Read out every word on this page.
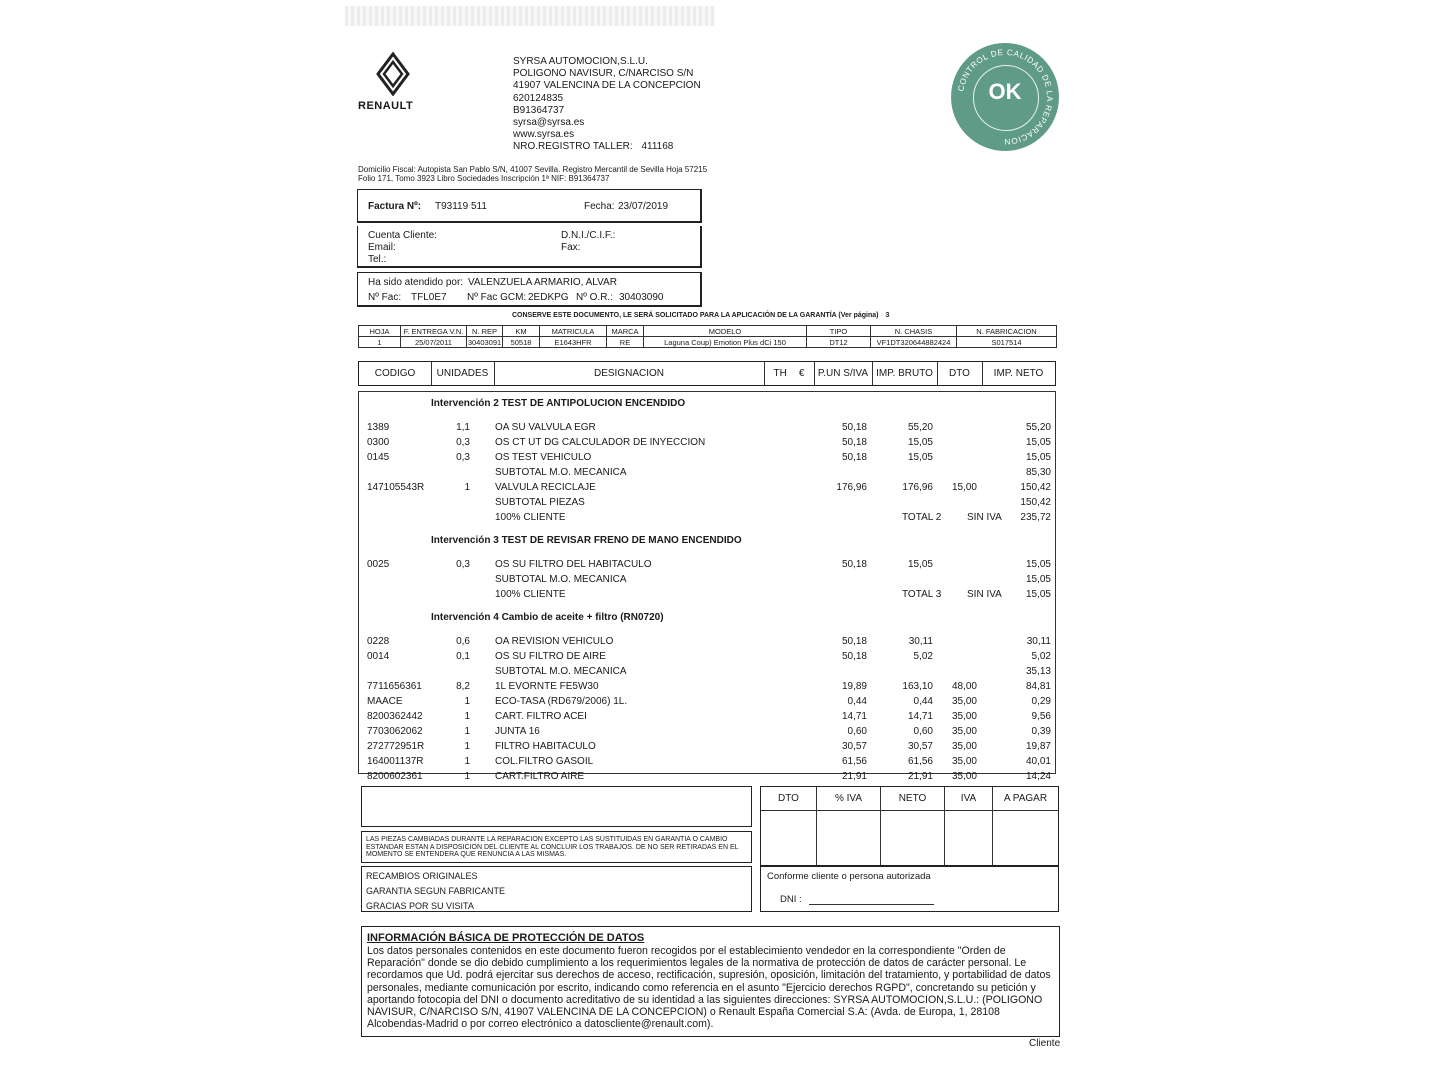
RENAULT
SYRSA AUTOMOCION,S.L.U.
POLIGONO NAVISUR, C/NARCISO S/N
41907 VALENCINA DE LA CONCEPCION
620124835
B91364737
syrsa@syrsa.es
www.syrsa.es
NRO.REGISTRO TALLER: 411168
CONTROL DE CALIDAD DE LA REPARACION
OK
Domicilio Fiscal: Autopista San Pablo S/N, 41007 Sevilla. Registro Mercantil de Sevilla Hoja 57215
Folio 171, Tomo 3923 Libro Sociedades Inscripción 1ª NIF: B91364737
Factura Nº: T93119 511	Fecha: 23/07/2019
Cuenta Cliente:	D.N.I./C.I.F.:
Email:	Fax:
Tel.:
Ha sido atendido por: VALENZUELA ARMARIO, ALVAR
Nº Fac: TFL0E7 Nº Fac GCM: 2EDKPG Nº O.R.: 30403090
CONSERVE ESTE DOCUMENTO, LE SERÁ SOLICITADO PARA LA APLICACIÓN DE LA GARANTÍA (Ver página) 3
HOJA	F. ENTREGA V.N.	N. REP	KM	MATRICULA	MARCA	MODELO	TIPO	N. CHASIS	N. FABRICACION
1	25/07/2011	30403091	50518	E1643HFR	RE	Laguna Coup) Emotion Plus dCi 150	DT12	VF1DT320644882424	S017514
CODIGO	UNIDADES	DESIGNACION	TH €	P.UN S/IVA IMP. BRUTO	DTO	IMP. NETO
Intervención 2 TEST DE ANTIPOLUCION ENCENDIDO
1389	1,1	OA SU VALVULA EGR	50,18	55,20	55,20
0300	0,3	OS CT UT DG CALCULADOR DE INYECCION	50,18	15,05	15,05
0145	0,3	OS TEST VEHICULO	50,18	15,05	15,05
SUBTOTAL M.O. MECANICA	85,30
147105543R	1	VALVULA RECICLAJE	176,96	176,96 15,00	150,42
SUBTOTAL PIEZAS	150,42
100% CLIENTE	TOTAL 2	SIN IVA 235,72
Intervención 3 TEST DE REVISAR FRENO DE MANO ENCENDIDO
0025	0,3	OS SU FILTRO DEL HABITACULO	50,18	15,05	15,05
SUBTOTAL M.O. MECANICA	15,05
100% CLIENTE	TOTAL 3	SIN IVA 15,05
Intervención 4 Cambio de aceite + filtro (RN0720)
0228	0,6	OA REVISION VEHICULO	50,18	30,11	30,11
0014	0,1	OS SU FILTRO DE AIRE	50,18	5,02	5,02
SUBTOTAL M.O. MECANICA	35,13
7711656361	8,2	1L EVORNTE FE5W30	19,89	163,10 48,00	84,81
MAACE	1	ECO-TASA (RD679/2006) 1L.	0,44	0,44 35,00	0,29
8200362442	1	CART. FILTRO ACEI	14,71	14,71 35,00	9,56
7703062062	1	JUNTA 16	0,60	0,60 35,00	0,39
272772951R	1	FILTRO HABITACULO	30,57	30,57 35,00	19,87
164001137R	1	COL.FILTRO GASOIL	61,56	61,56 35,00	40,01
8200602361	1	CART.FILTRO AIRE	21,91	21,91 35,00	14,24
LAS PIEZAS CAMBIADAS DURANTE LA REPARACION EXCEPTO LAS SUSTITUIDAS EN GARANTIA O CAMBIO ESTANDAR ESTAN A DISPOSICION DEL CLIENTE AL CONCLUIR LOS TRABAJOS. DE NO SER RETIRADAS EN EL MOMENTO SE ENTENDERA QUE RENUNCIA A LAS MISMAS.
RECAMBIOS ORIGINALES
GARANTIA SEGUN FABRICANTE
GRACIAS POR SU VISITA
DTO	% IVA	NETO	IVA	A PAGAR
Conforme cliente o persona autorizada
DNI :
INFORMACIÓN BÁSICA DE PROTECCIÓN DE DATOS

Los datos personales contenidos en este documento fueron recogidos por el establecimiento vendedor en la correspondiente "Orden de Reparación" donde se dio debido cumplimiento a los requerimientos legales de la normativa de protección de datos de carácter personal. Le recordamos que Ud. podrá ejercitar sus derechos de acceso, rectificación, supresión, oposición, limitación del tratamiento, y portabilidad de datos personales, mediante comunicación por escrito, indicando como referencia en el asunto "Ejercicio derechos RGPD", concretando su petición y aportando fotocopia del DNI o documento acreditativo de su identidad a las siguientes direcciones: SYRSA AUTOMOCION,S.L.U.: (POLIGONO NAVISUR, C/NARCISO S/N, 41907 VALENCINA DE LA CONCEPCION) o Renault España Comercial S.A: (Avda. de Europa, 1, 28108 Alcobendas-Madrid o por correo electrónico a datoscliente@renault.com).

Cliente
